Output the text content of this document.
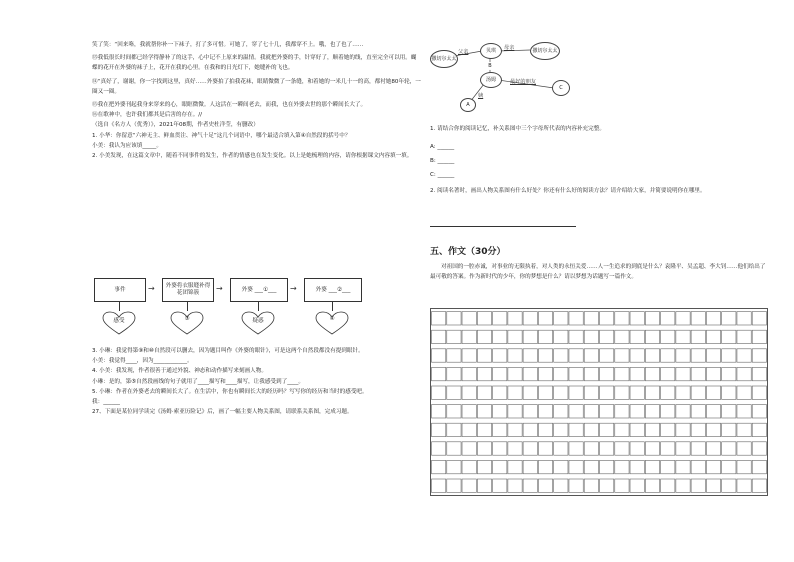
笑了笑：“回来咯，我就帮你补一下袜子，打了多可惜。可她了，穿了七十几，我都穿不上。哦，也了也了……

⑬我低很长时间都已经学得静补了的这手，心中记不上原来的温情。我就把外婆的手，针穿好了，顺着她的线，直至完全可以用。蝴蝶的花开在外婆的袜子上，花开在我的心里。在我和的日光灯下，她缝补的飞也。

⑭“真好了，谢谢，你一字找到这里，真好……外婆拍了拍我花袜，眼睛微微了一条缝，和着她的一米几十一的高，都衬她80年轮，一圈又一圈。

⑮我在把外婆刊起我身来穿来的心，眼眶微微。人这活在一瞬间老去，而我，也在外婆去世的那个瞬间长大了。

⑯在歌神中，也许我们都其是后害的存在。//

（选自《名方人（优秀）》，2021年08期，作者史杜洋莹，有删改）

1. 小华：你留意“六神无主、鲜血贯注、神气十足”这几个词语中，哪个最适合填入第④自然段的括号中？

小美：我认为应该填_____。

2. 小美发现，在这篇文章中，随着不同事件的发生，作者的情感也在发生变化。以上是她梳理的内容，请你根据课文内容填一填。

事件	→	外婆将衣服缝补得花团锦簇	→	外婆 ___①___	→	外婆 ___②___
感受	③	疑惑	④

3. 小琳：我觉得第⑨和⑩自然段可以删去，因为题目叫作《外婆的眼针》，可是这两个自然段都没有提到眼针。

小美：我觉得____，因为____________。

4. 小美：我发现，作者很善于通过外貌、神态和动作描写来刻画人物。

小琳：是的，第⑤自然段画线的句子就用了____描写和____描写，让我感受到了____。

5. 小琳：作者在外婆老去的瞬间长大了。在生活中，你也有瞬间长大的经历吗？写写你的经历和当时的感受吧。

我：______

27、下面是某位同学读完《汤姆·索亚历险记》后，画了一幅主要人物关系图，请联系关系图，完成习题。

撒切尔太太
贝琪	撒切尔太太
汤姆
B
A
C
父亲
母亲
最好的朋友
姨
1. 请结合你的阅读记忆，补关系图中三个字母所代表的内容补充完整。
A: ______
B: ______
C: ______
2. 阅读名著时，画出人物关系图有什么好处？你还有什么好的阅读方法？请介绍给大家，并简要说明你在哪里。
五、作文（30分）
对祖国的一腔赤诚，对事业的无限执着，对人类的永恒关爱……人一生追求的到底是什么？袁隆平、吴孟超、李大钊……他们给出了最可敬的答案。作为新时代的少年，你的梦想是什么？请以梦想为话题写一篇作文。
